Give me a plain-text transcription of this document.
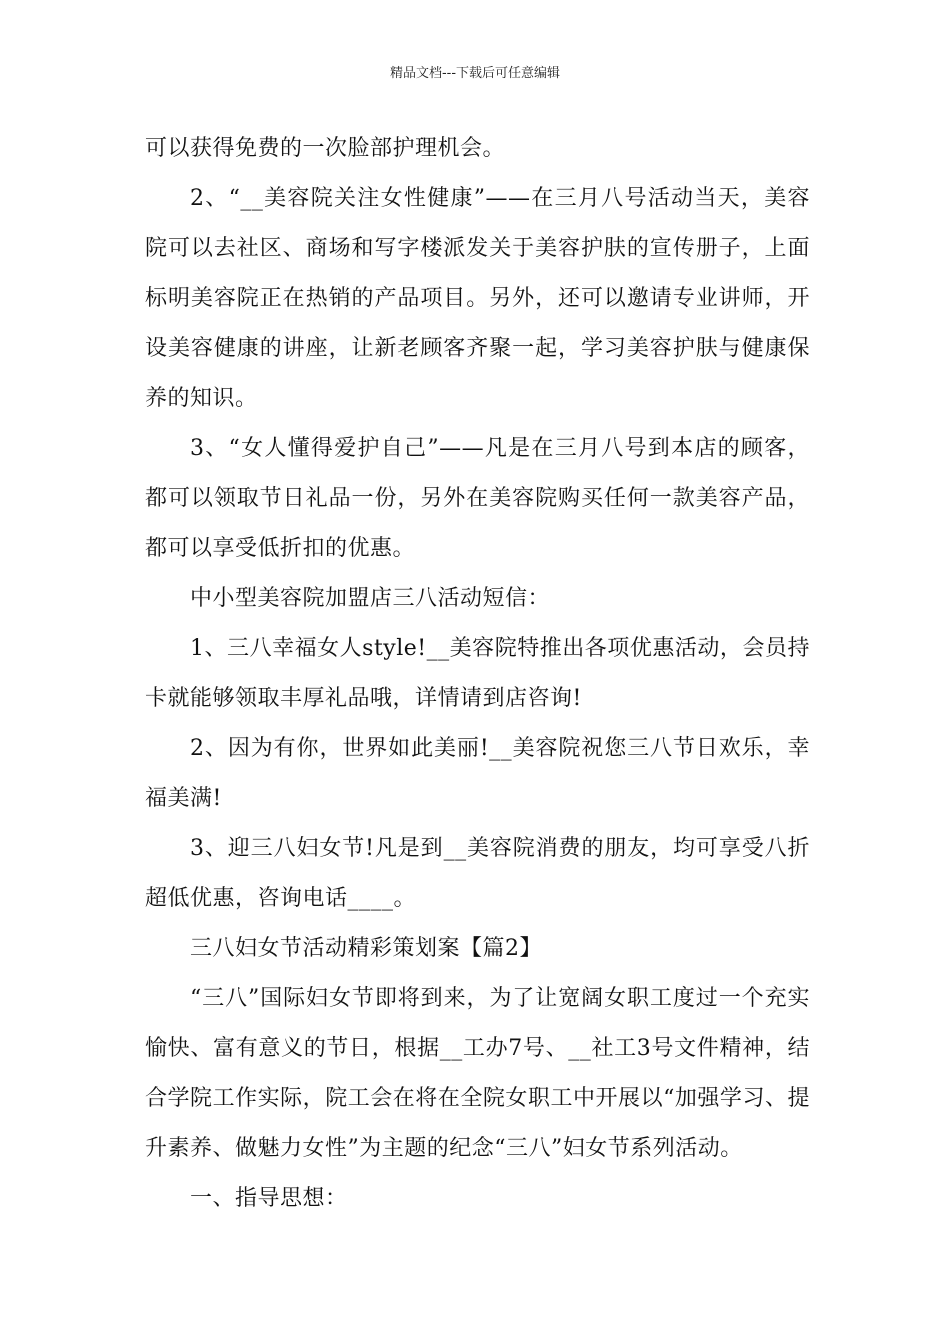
精品文档---下载后可任意编辑

可以获得免费的一次脸部护理机会。

2、“__美容院关注女性健康”——在三月八号活动当天，美容院可以去社区、商场和写字楼派发关于美容护肤的宣传册子，上面标明美容院正在热销的产品项目。另外，还可以邀请专业讲师，开设美容健康的讲座，让新老顾客齐聚一起，学习美容护肤与健康保养的知识。

3、“女人懂得爱护自己”——凡是在三月八号到本店的顾客，都可以领取节日礼品一份，另外在美容院购买任何一款美容产品，都可以享受低折扣的优惠。

中小型美容院加盟店三八活动短信：

1、三八幸福女人style!__美容院特推出各项优惠活动，会员持卡就能够领取丰厚礼品哦，详情请到店咨询!

2、因为有你，世界如此美丽!__美容院祝您三八节日欢乐，幸福美满!

3、迎三八妇女节!凡是到__美容院消费的朋友，均可享受八折超低优惠，咨询电话____。

三八妇女节活动精彩策划案【篇2】

“三八”国际妇女节即将到来，为了让宽阔女职工度过一个充实愉快、富有意义的节日，根据__工办7号、__社工3号文件精神，结合学院工作实际，院工会在将在全院女职工中开展以“加强学习、提升素养、做魅力女性”为主题的纪念“三八”妇女节系列活动。

一、指导思想：
